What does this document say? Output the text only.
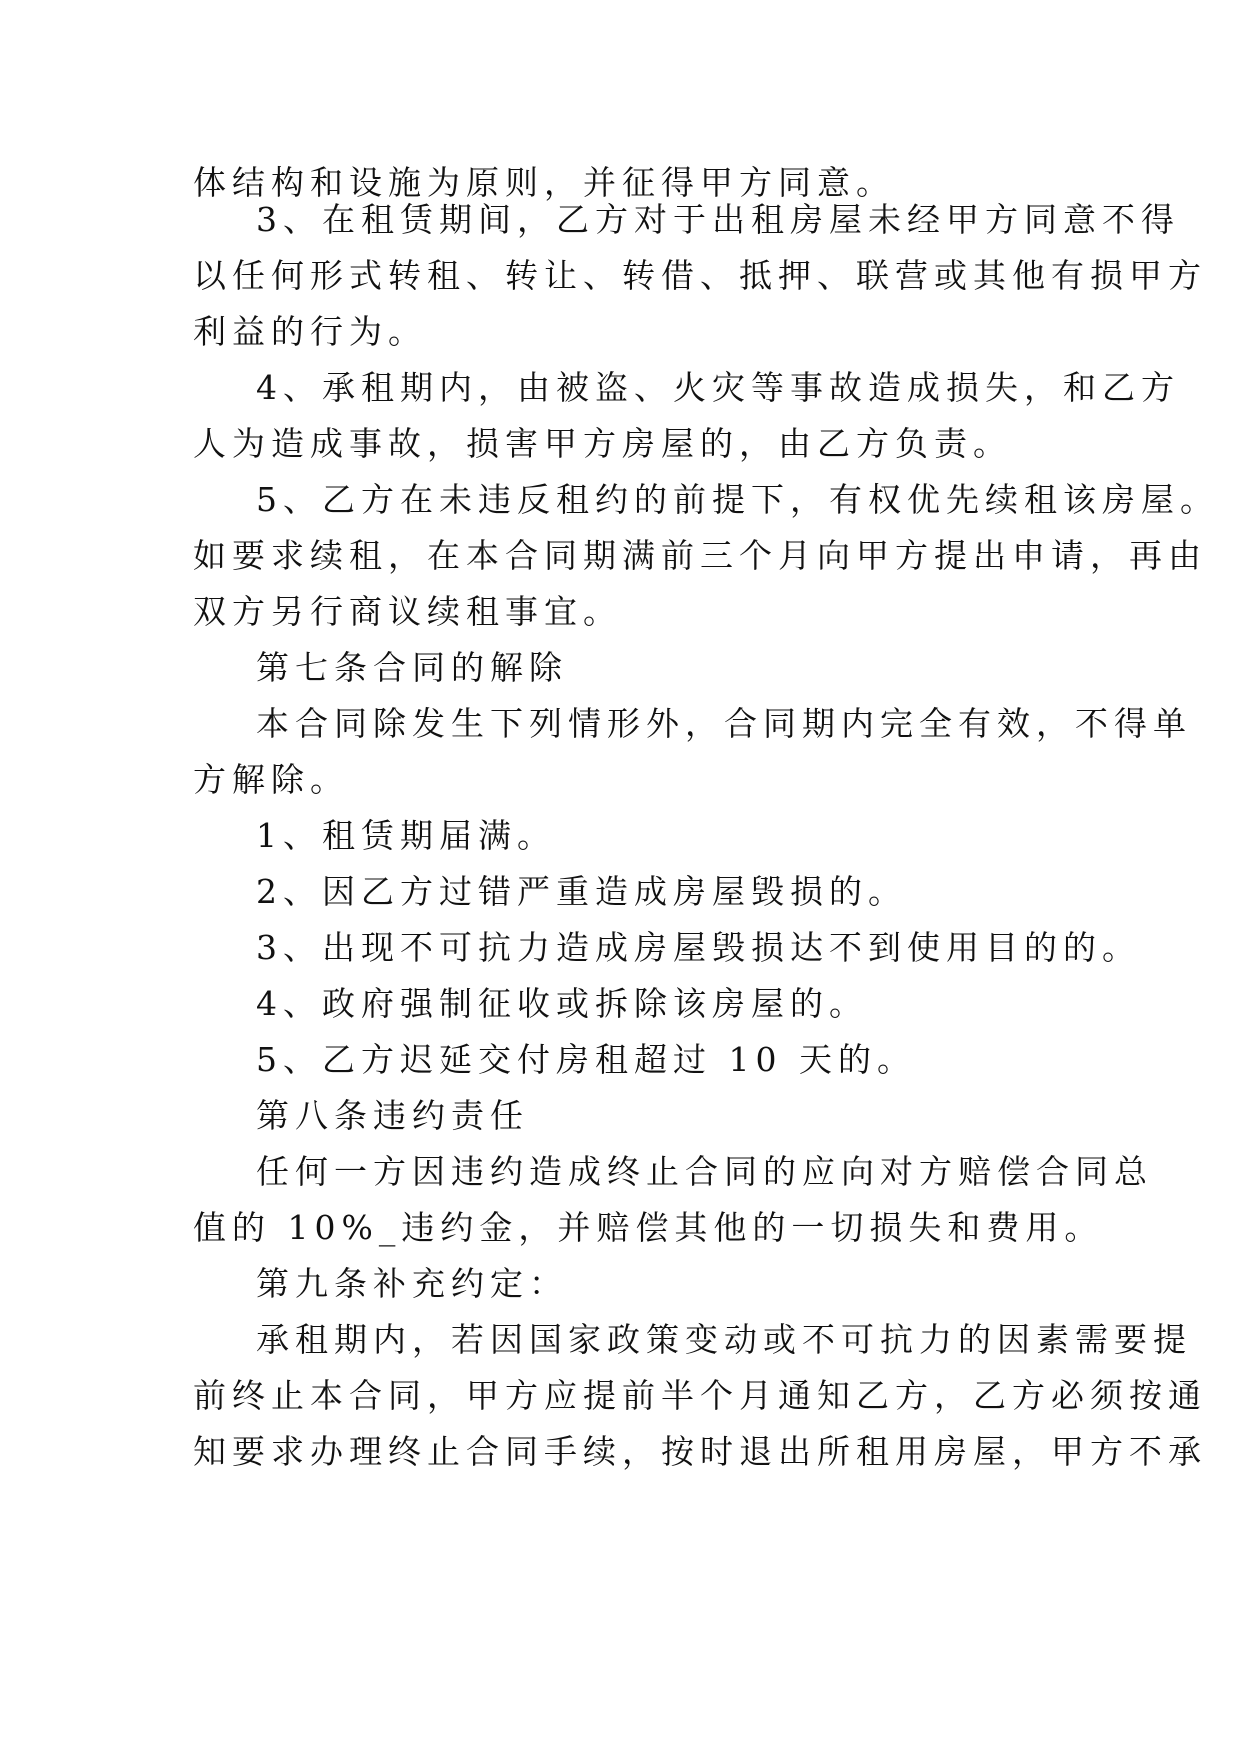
体结构和设施为原则，并征得甲方同意。
3、在租赁期间，乙方对于出租房屋未经甲方同意不得
以任何形式转租、转让、转借、抵押、联营或其他有损甲方
利益的行为。
4、承租期内，由被盗、火灾等事故造成损失，和乙方
人为造成事故，损害甲方房屋的，由乙方负责。
5、乙方在未违反租约的前提下，有权优先续租该房屋。
如要求续租，在本合同期满前三个月向甲方提出申请，再由
双方另行商议续租事宜。
第七条合同的解除
本合同除发生下列情形外，合同期内完全有效，不得单
方解除。
1、租赁期届满。
2、因乙方过错严重造成房屋毁损的。
3、出现不可抗力造成房屋毁损达不到使用目的的。
4、政府强制征收或拆除该房屋的。
5、乙方迟延交付房租超过 10 天的。
第八条违约责任
任何一方因违约造成终止合同的应向对方赔偿合同总
值的 10%_违约金，并赔偿其他的一切损失和费用。
第九条补充约定：
承租期内，若因国家政策变动或不可抗力的因素需要提
前终止本合同，甲方应提前半个月通知乙方，乙方必须按通
知要求办理终止合同手续，按时退出所租用房屋，甲方不承
